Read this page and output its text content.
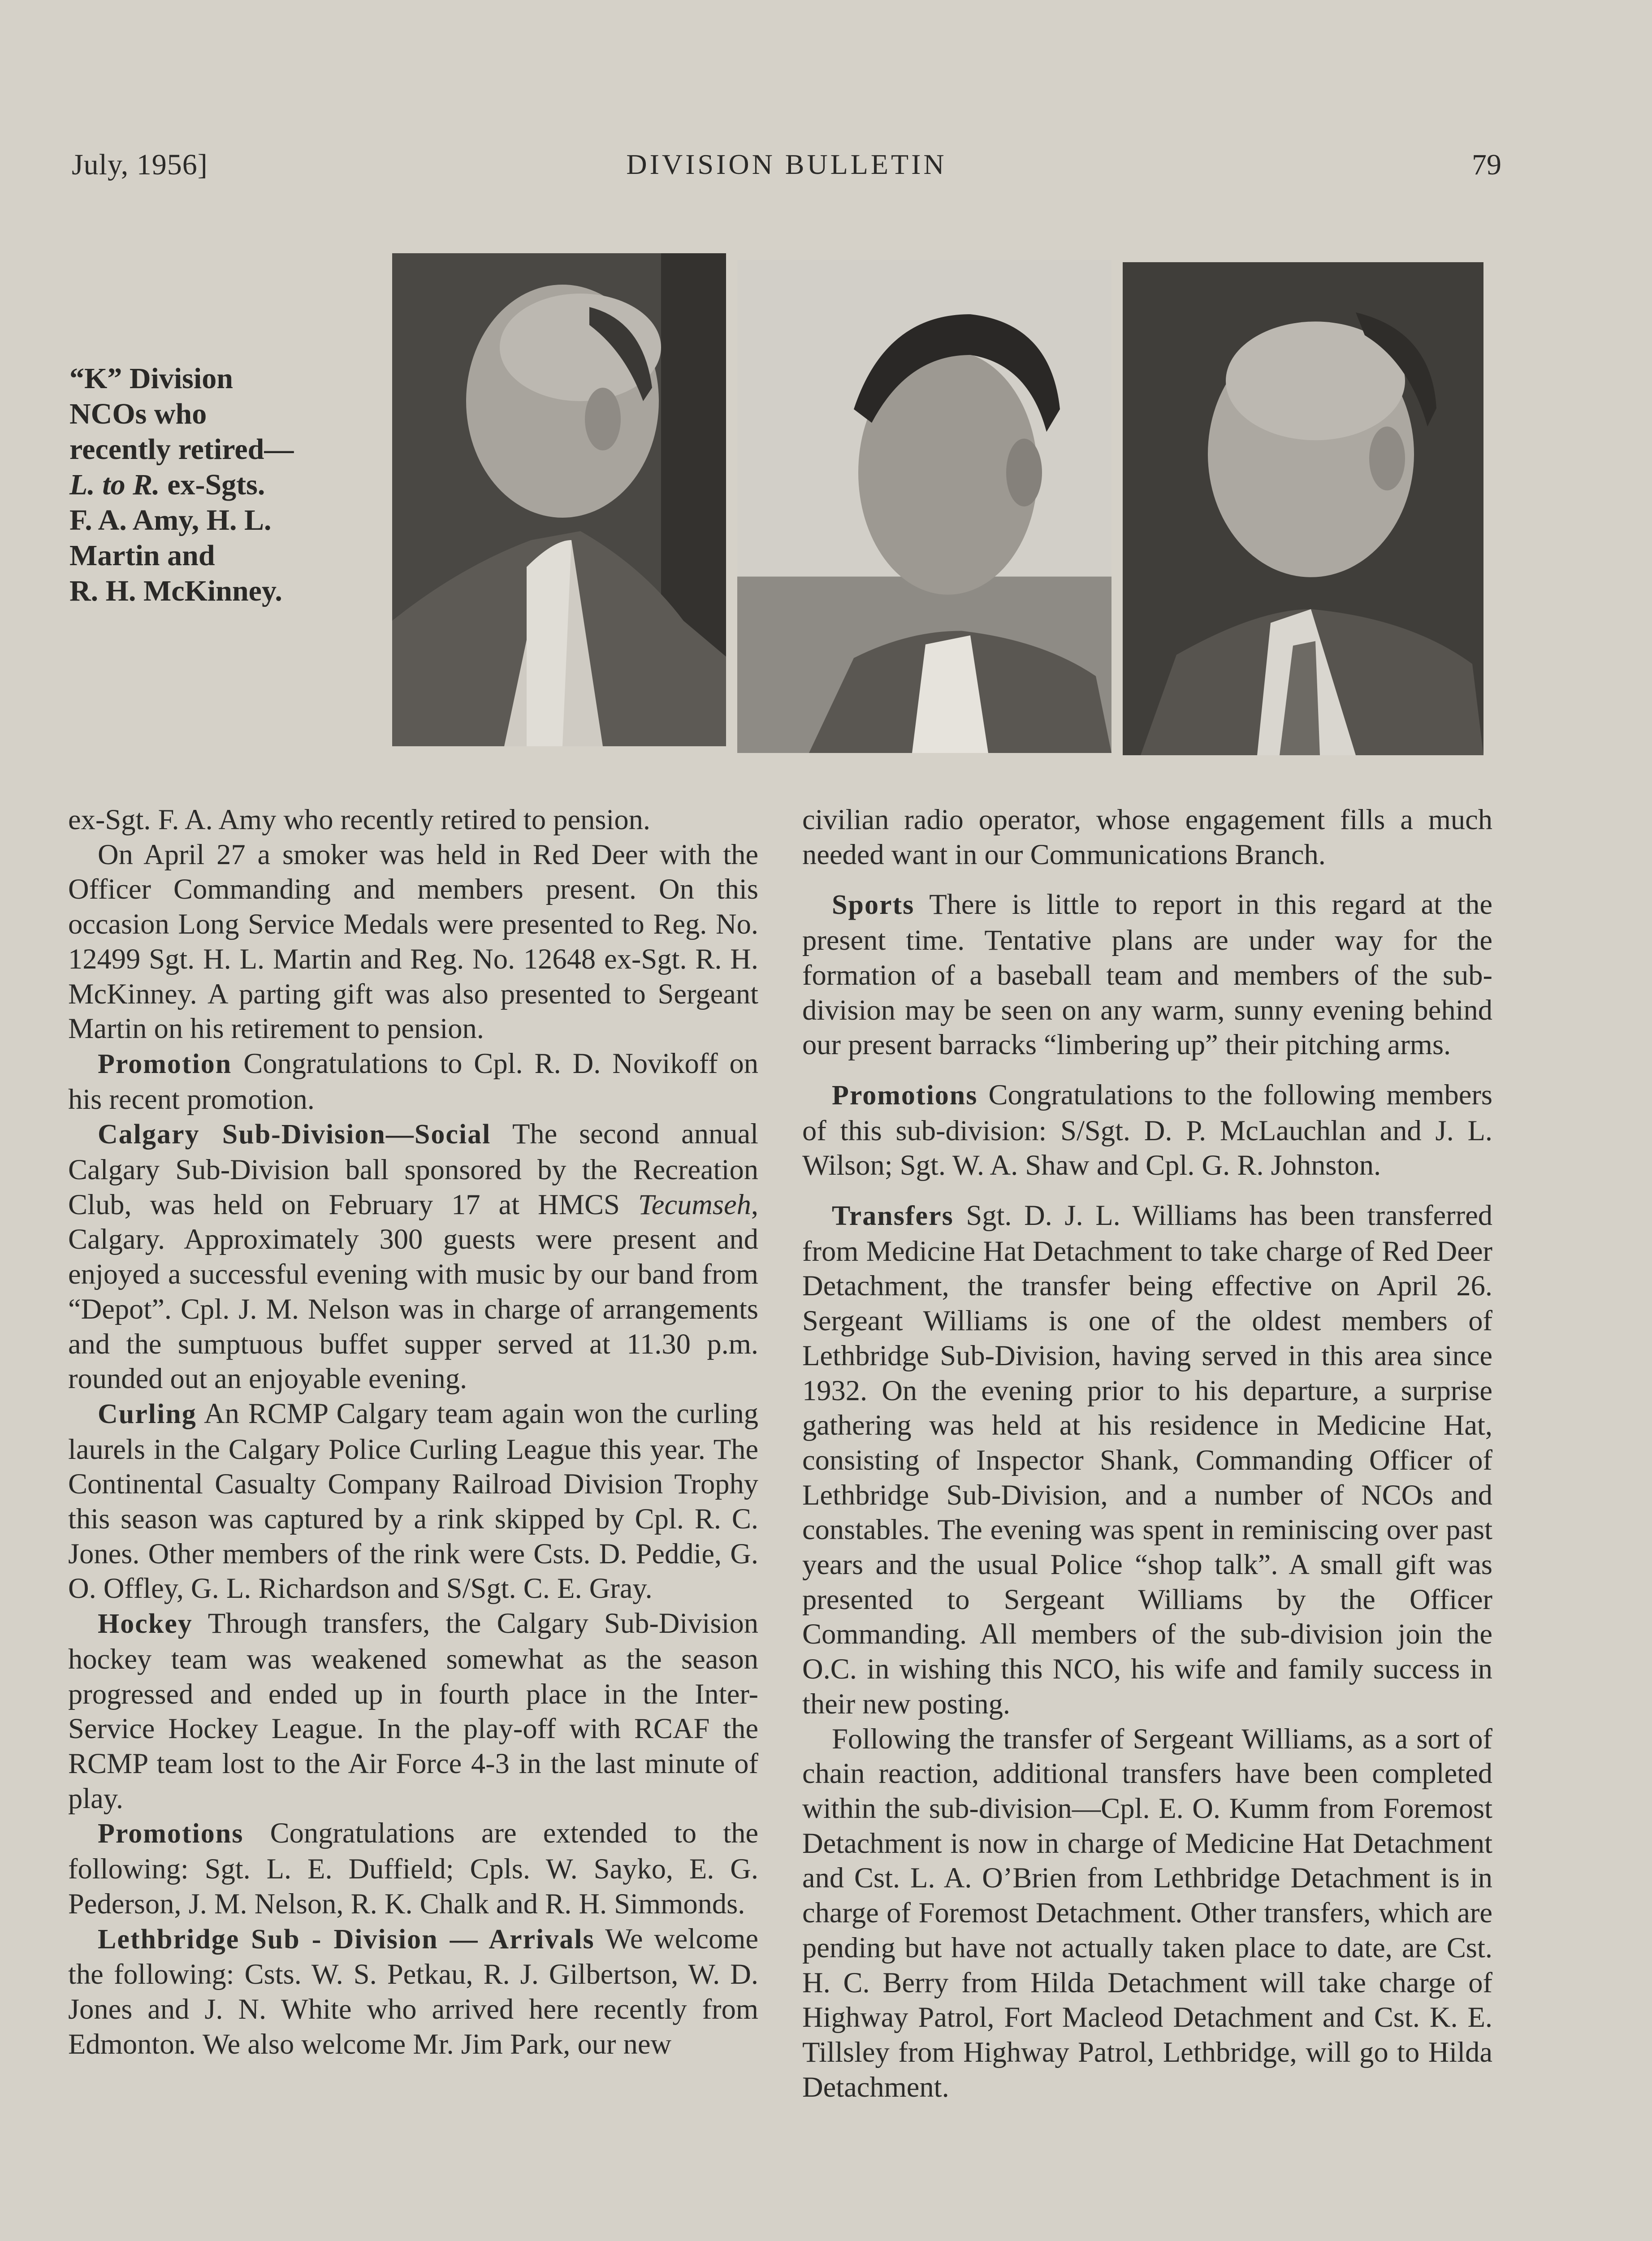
July, 1956]	DIVISION BULLETIN	79
“K” Division
NCOs who
recently retired—
L. to R. ex-Sgts.
F. A. Amy, H. L.
Martin and
R. H. McKinney.

ex-Sgt. F. A. Amy who recently retired to pension.

On April 27 a smoker was held in Red Deer with the Officer Commanding and members present. On this occasion Long Service Medals were presented to Reg. No. 12499 Sgt. H. L. Martin and Reg. No. 12648 ex-Sgt. R. H. McKinney. A parting gift was also presented to Sergeant Martin on his retirement to pension.

Promotion Congratulations to Cpl. R. D. Novikoff on his recent promotion.

Calgary Sub-Division—Social The second annual Calgary Sub-Division ball sponsored by the Recreation Club, was held on February 17 at HMCS Tecumseh, Calgary. Approximately 300 guests were present and enjoyed a successful evening with music by our band from “Depot”. Cpl. J. M. Nelson was in charge of arrangements and the sumptuous buffet supper served at 11.30 p.m. rounded out an enjoyable evening.

Curling An RCMP Calgary team again won the curling laurels in the Calgary Police Curling League this year. The Continental Casualty Company Railroad Division Trophy this season was captured by a rink skipped by Cpl. R. C. Jones. Other members of the rink were Csts. D. Peddie, G. O. Offley, G. L. Richardson and S/Sgt. C. E. Gray.

Hockey Through transfers, the Calgary Sub-Division hockey team was weakened somewhat as the season progressed and ended up in fourth place in the Inter-Service Hockey League. In the play-off with RCAF the RCMP team lost to the Air Force 4-3 in the last minute of play.

Promotions Congratulations are extended to the following: Sgt. L. E. Duffield; Cpls. W. Sayko, E. G. Pederson, J. M. Nelson, R. K. Chalk and R. H. Simmonds.

Lethbridge Sub - Division — Arrivals We welcome the following: Csts. W. S. Petkau, R. J. Gilbertson, W. D. Jones and J. N. White who arrived here recently from Edmonton. We also welcome Mr. Jim Park, our new

civilian radio operator, whose engagement fills a much needed want in our Communications Branch.

Sports There is little to report in this regard at the present time. Tentative plans are under way for the formation of a baseball team and members of the sub-division may be seen on any warm, sunny evening behind our present barracks “limbering up” their pitching arms.

Promotions Congratulations to the following members of this sub-division: S/Sgt. D. P. McLauchlan and J. L. Wilson; Sgt. W. A. Shaw and Cpl. G. R. Johnston.

Transfers Sgt. D. J. L. Williams has been transferred from Medicine Hat Detachment to take charge of Red Deer Detachment, the transfer being effective on April 26. Sergeant Williams is one of the oldest members of Lethbridge Sub-Division, having served in this area since 1932. On the evening prior to his departure, a surprise gathering was held at his residence in Medicine Hat, consisting of Inspector Shank, Commanding Officer of Lethbridge Sub-Division, and a number of NCOs and constables. The evening was spent in reminiscing over past years and the usual Police “shop talk”. A small gift was presented to Sergeant Williams by the Officer Commanding. All members of the sub-division join the O.C. in wishing this NCO, his wife and family success in their new posting.

Following the transfer of Sergeant Williams, as a sort of chain reaction, additional transfers have been completed within the sub-division—Cpl. E. O. Kumm from Foremost Detachment is now in charge of Medicine Hat Detachment and Cst. L. A. O’Brien from Lethbridge Detachment is in charge of Foremost Detachment. Other transfers, which are pending but have not actually taken place to date, are Cst. H. C. Berry from Hilda Detachment will take charge of Highway Patrol, Fort Macleod Detachment and Cst. K. E. Tillsley from Highway Patrol, Lethbridge, will go to Hilda Detachment.
